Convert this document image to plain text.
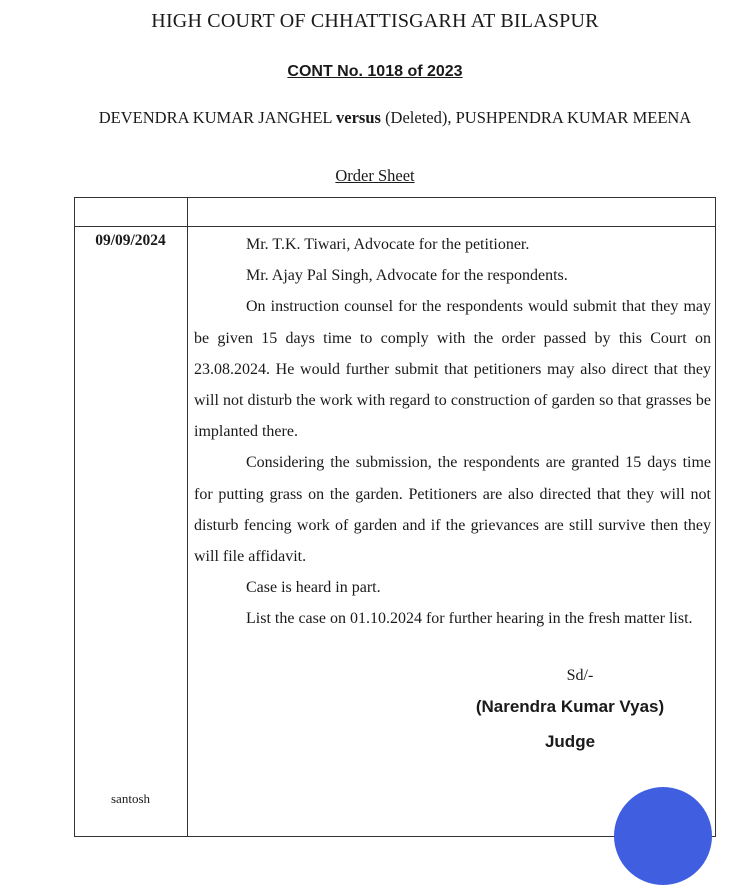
HIGH COURT OF CHHATTISGARH AT BILASPUR
CONT No. 1018 of 2023
DEVENDRA KUMAR JANGHEL versus (Deleted), PUSHPENDRA KUMAR MEENA
Order Sheet
09/09/2024	Mr. T.K. Tiwari, Advocate for the petitioner.

Mr. Ajay Pal Singh, Advocate for the respondents.

On instruction counsel for the respondents would submit that they may be given 15 days time to comply with the order passed by this Court on 23.08.2024. He would further submit that petitioners may also direct that they will not disturb the work with regard to construction of garden so that grasses be implanted there.

Considering the submission, the respondents are granted 15 days time for putting grass on the garden. Petitioners are also directed that they will not disturb fencing work of garden and if the grievances are still survive then they will file affidavit.

Case is heard in part.

List the case on 01.10.2024 for further hearing in the fresh matter list.

Sd/-
(Narendra Kumar Vyas)
Judge
santosh
